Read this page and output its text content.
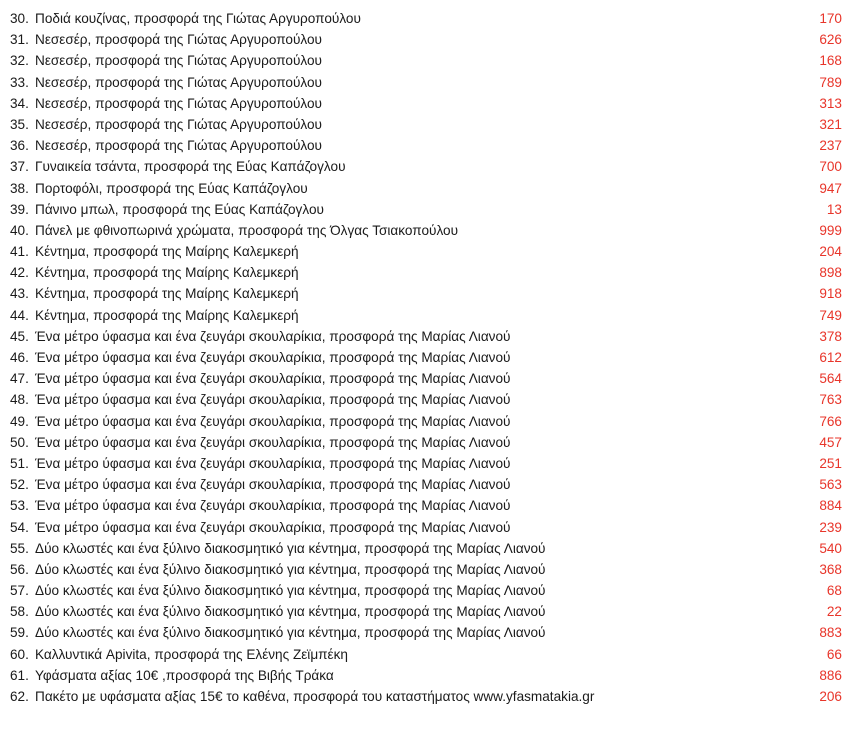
30. Ποδιά κουζίνας, προσφορά της Γιώτας Αργυροπούλου	170
31. Νεσεσέρ, προσφορά της Γιώτας Αργυροπούλου	626
32. Νεσεσέρ, προσφορά της Γιώτας Αργυροπούλου	168
33. Νεσεσέρ, προσφορά της Γιώτας Αργυροπούλου	789
34. Νεσεσέρ, προσφορά της Γιώτας Αργυροπούλου	313
35. Νεσεσέρ, προσφορά της Γιώτας Αργυροπούλου	321
36. Νεσεσέρ, προσφορά της Γιώτας Αργυροπούλου	237
37. Γυναικεία τσάντα, προσφορά της Εύας Καπάζογλου	700
38. Πορτοφόλι, προσφορά της Εύας Καπάζογλου	947
39. Πάνινο μπωλ, προσφορά της Εύας Καπάζογλου	13
40. Πάνελ με φθινοπωρινά χρώματα, προσφορά της Όλγας Τσιακοπούλου	999
41. Κέντημα, προσφορά της Μαίρης Καλεμκερή	204
42. Κέντημα, προσφορά της Μαίρης Καλεμκερή	898
43. Κέντημα, προσφορά της Μαίρης Καλεμκερή	918
44. Κέντημα, προσφορά της Μαίρης Καλεμκερή	749
45. Ένα μέτρο ύφασμα και ένα ζευγάρι σκουλαρίκια, προσφορά της Μαρίας Λιανού	378
46. Ένα μέτρο ύφασμα και ένα ζευγάρι σκουλαρίκια, προσφορά της Μαρίας Λιανού	612
47. Ένα μέτρο ύφασμα και ένα ζευγάρι σκουλαρίκια, προσφορά της Μαρίας Λιανού	564
48. Ένα μέτρο ύφασμα και ένα ζευγάρι σκουλαρίκια, προσφορά της Μαρίας Λιανού	763
49. Ένα μέτρο ύφασμα και ένα ζευγάρι σκουλαρίκια, προσφορά της Μαρίας Λιανού	766
50. Ένα μέτρο ύφασμα και ένα ζευγάρι σκουλαρίκια, προσφορά της Μαρίας Λιανού	457
51. Ένα μέτρο ύφασμα και ένα ζευγάρι σκουλαρίκια, προσφορά της Μαρίας Λιανού	251
52. Ένα μέτρο ύφασμα και ένα ζευγάρι σκουλαρίκια, προσφορά της Μαρίας Λιανού	563
53. Ένα μέτρο ύφασμα και ένα ζευγάρι σκουλαρίκια, προσφορά της Μαρίας Λιανού	884
54. Ένα μέτρο ύφασμα και ένα ζευγάρι σκουλαρίκια, προσφορά της Μαρίας Λιανού	239
55. Δύο κλωστές και ένα ξύλινο διακοσμητικό για κέντημα, προσφορά της Μαρίας Λιανού	540
56. Δύο κλωστές και ένα ξύλινο διακοσμητικό για κέντημα, προσφορά της Μαρίας Λιανού	368
57. Δύο κλωστές και ένα ξύλινο διακοσμητικό για κέντημα, προσφορά της Μαρίας Λιανού	68
58. Δύο κλωστές και ένα ξύλινο διακοσμητικό για κέντημα, προσφορά της Μαρίας Λιανού	22
59. Δύο κλωστές και ένα ξύλινο διακοσμητικό για κέντημα, προσφορά της Μαρίας Λιανού	883
60. Καλλυντικά Apivita, προσφορά της Ελένης Ζεϊμπέκη	66
61. Υφάσματα αξίας 10€ ,προσφορά της Βιβής Τράκα	886
62. Πακέτο με υφάσματα αξίας 15€ το καθένα, προσφορά του καταστήματος www.yfasmatakia.gr	206
